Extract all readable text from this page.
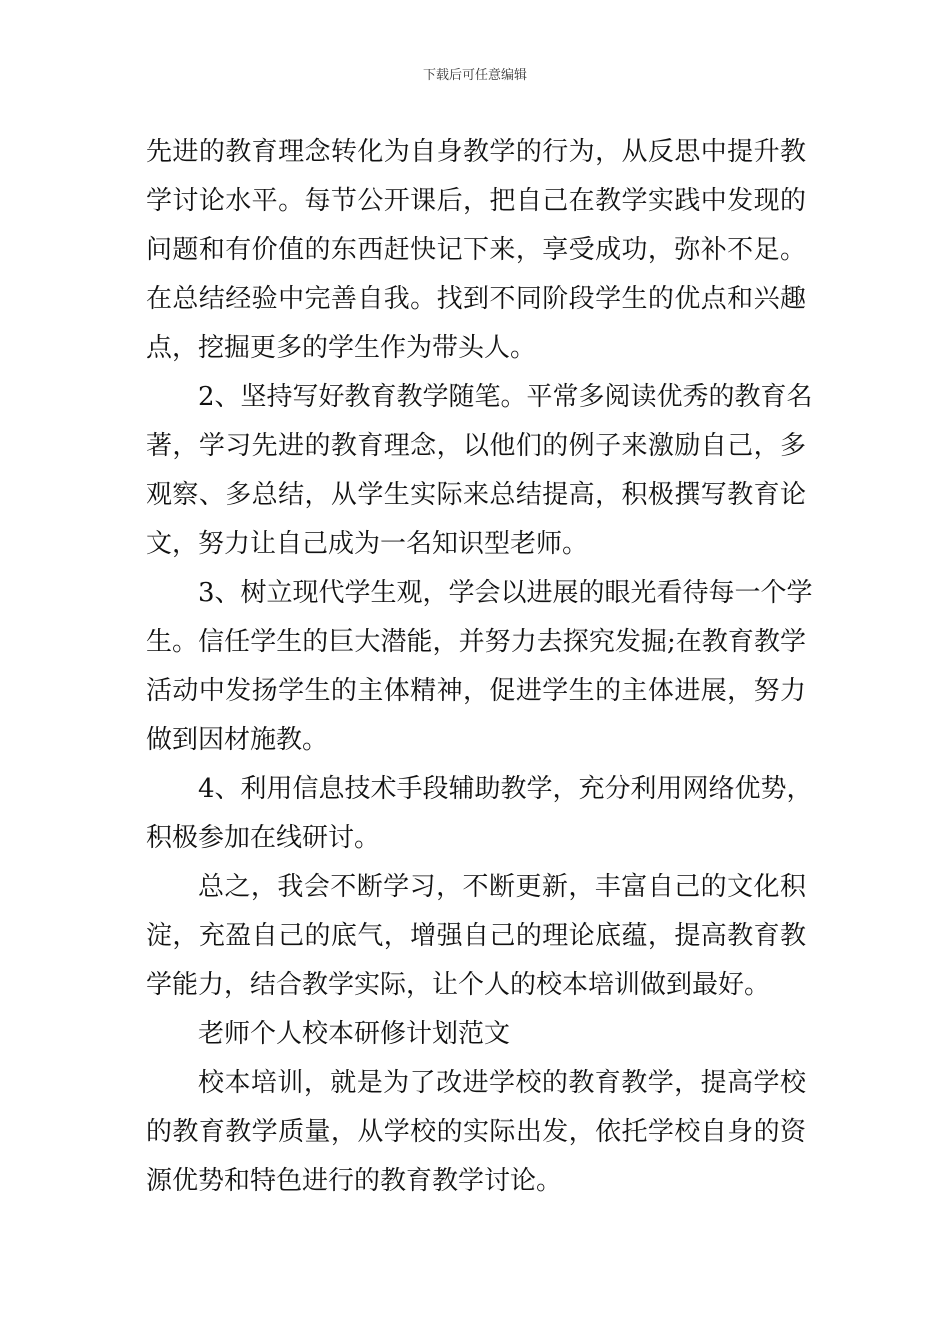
下载后可任意编辑
先进的教育理念转化为自身教学的行为，从反思中提升教
学讨论水平。每节公开课后，把自己在教学实践中发现的
问题和有价值的东西赶快记下来，享受成功，弥补不足。
在总结经验中完善自我。找到不同阶段学生的优点和兴趣
点，挖掘更多的学生作为带头人。
2、坚持写好教育教学随笔。平常多阅读优秀的教育名
著，学习先进的教育理念，以他们的例子来激励自己，多
观察、多总结，从学生实际来总结提高，积极撰写教育论
文，努力让自己成为一名知识型老师。
3、树立现代学生观，学会以进展的眼光看待每一个学
生。信任学生的巨大潜能，并努力去探究发掘;在教育教学
活动中发扬学生的主体精神，促进学生的主体进展，努力
做到因材施教。
4、利用信息技术手段辅助教学，充分利用网络优势，
积极参加在线研讨。
总之，我会不断学习，不断更新，丰富自己的文化积
淀，充盈自己的底气，增强自己的理论底蕴，提高教育教
学能力，结合教学实际，让个人的校本培训做到最好。
老师个人校本研修计划范文
校本培训，就是为了改进学校的教育教学，提高学校
的教育教学质量，从学校的实际出发，依托学校自身的资
源优势和特色进行的教育教学讨论。
